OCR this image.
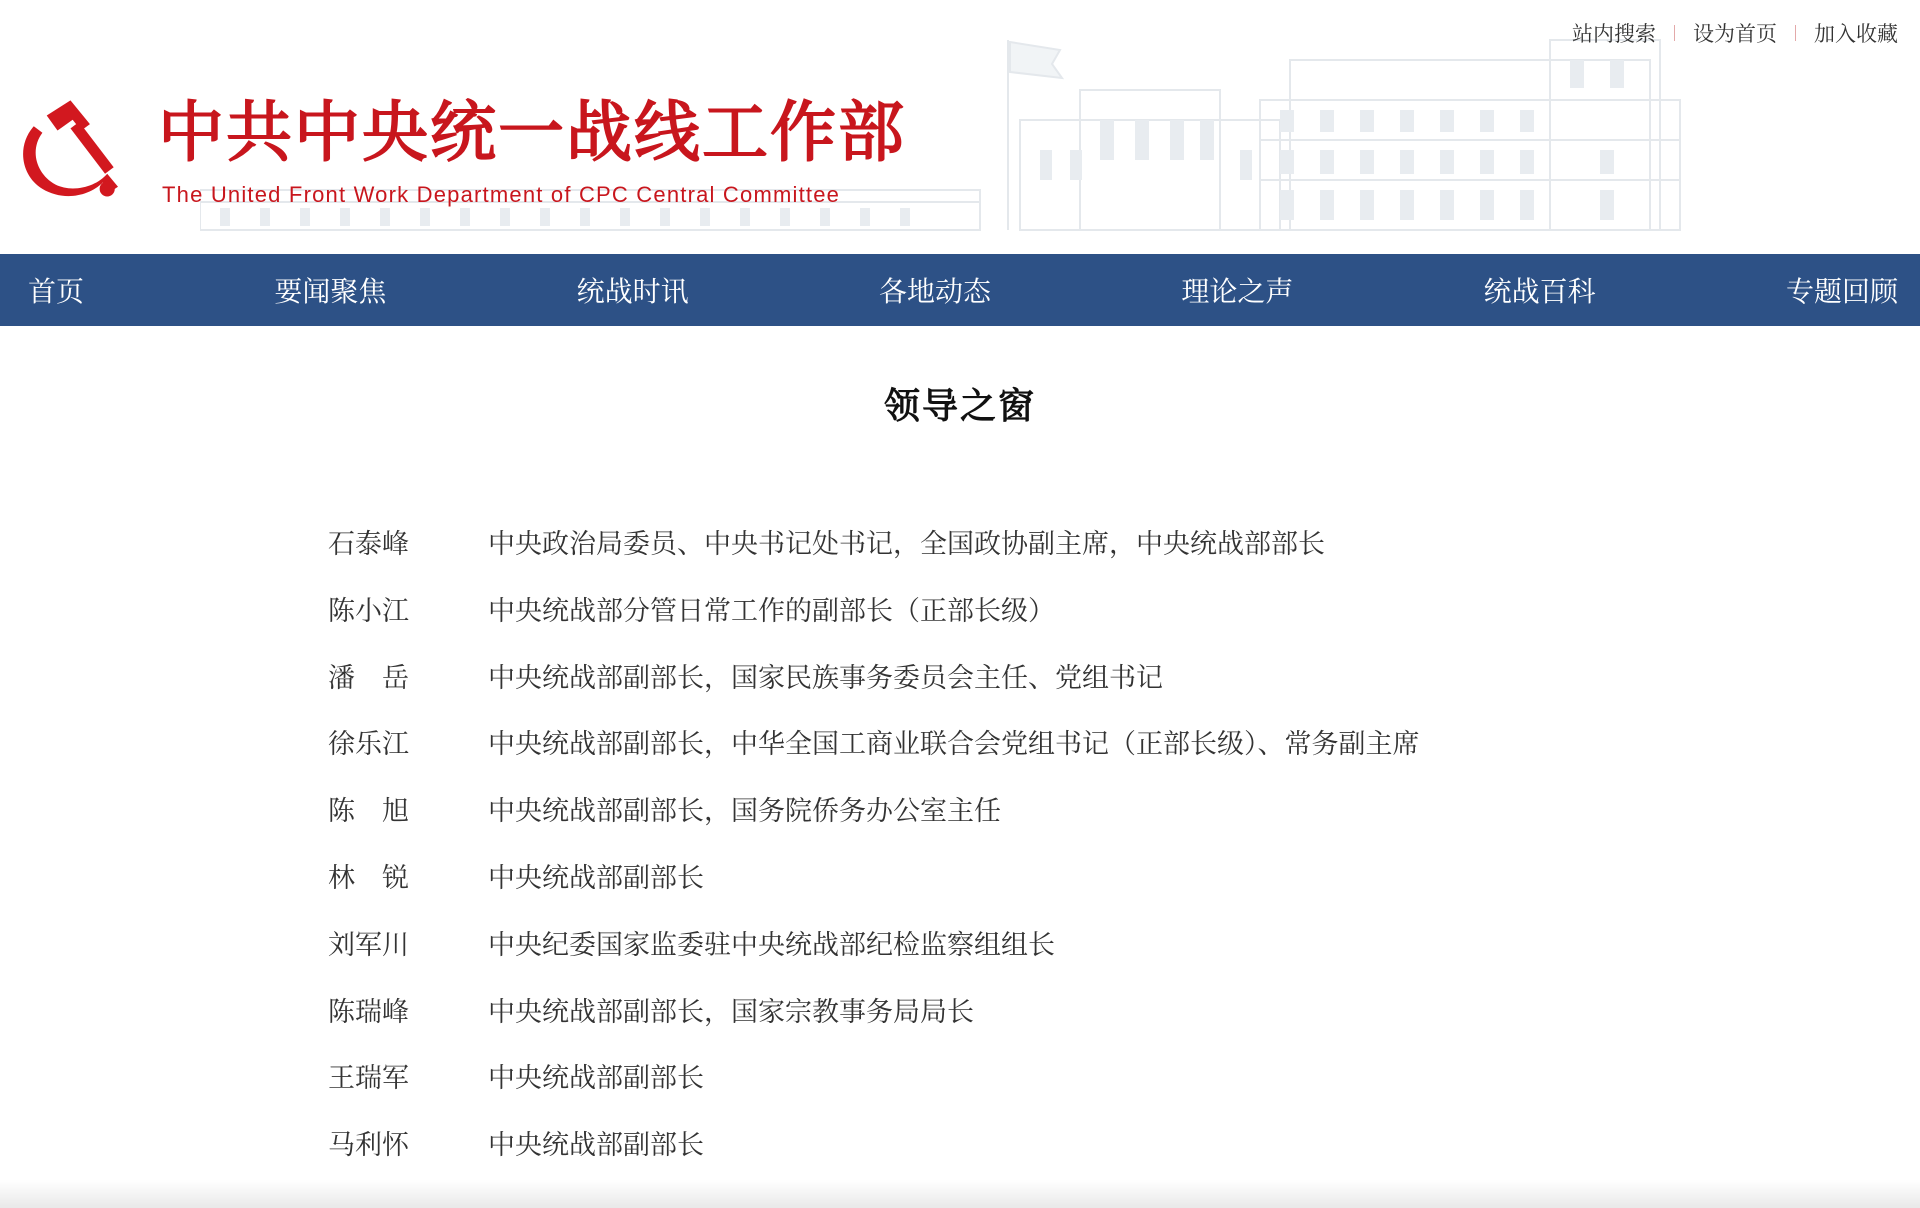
站内搜索 设为首页 加入收藏
中共中央统一战线工作部
The United Front Work Department of CPC Central Committee
首页	要闻聚焦	统战时讯	各地动态	理论之声	统战百科	专题回顾
领导之窗
石泰峰	中央政治局委员、中央书记处书记，全国政协副主席，中央统战部部长
陈小江	中央统战部分管日常工作的副部长（正部长级）
潘　岳	中央统战部副部长，国家民族事务委员会主任、党组书记
徐乐江	中央统战部副部长，中华全国工商业联合会党组书记（正部长级）、常务副主席
陈　旭	中央统战部副部长，国务院侨务办公室主任
林　锐	中央统战部副部长
刘军川	中央纪委国家监委驻中央统战部纪检监察组组长
陈瑞峰	中央统战部副部长，国家宗教事务局局长
王瑞军	中央统战部副部长
马利怀	中央统战部副部长
